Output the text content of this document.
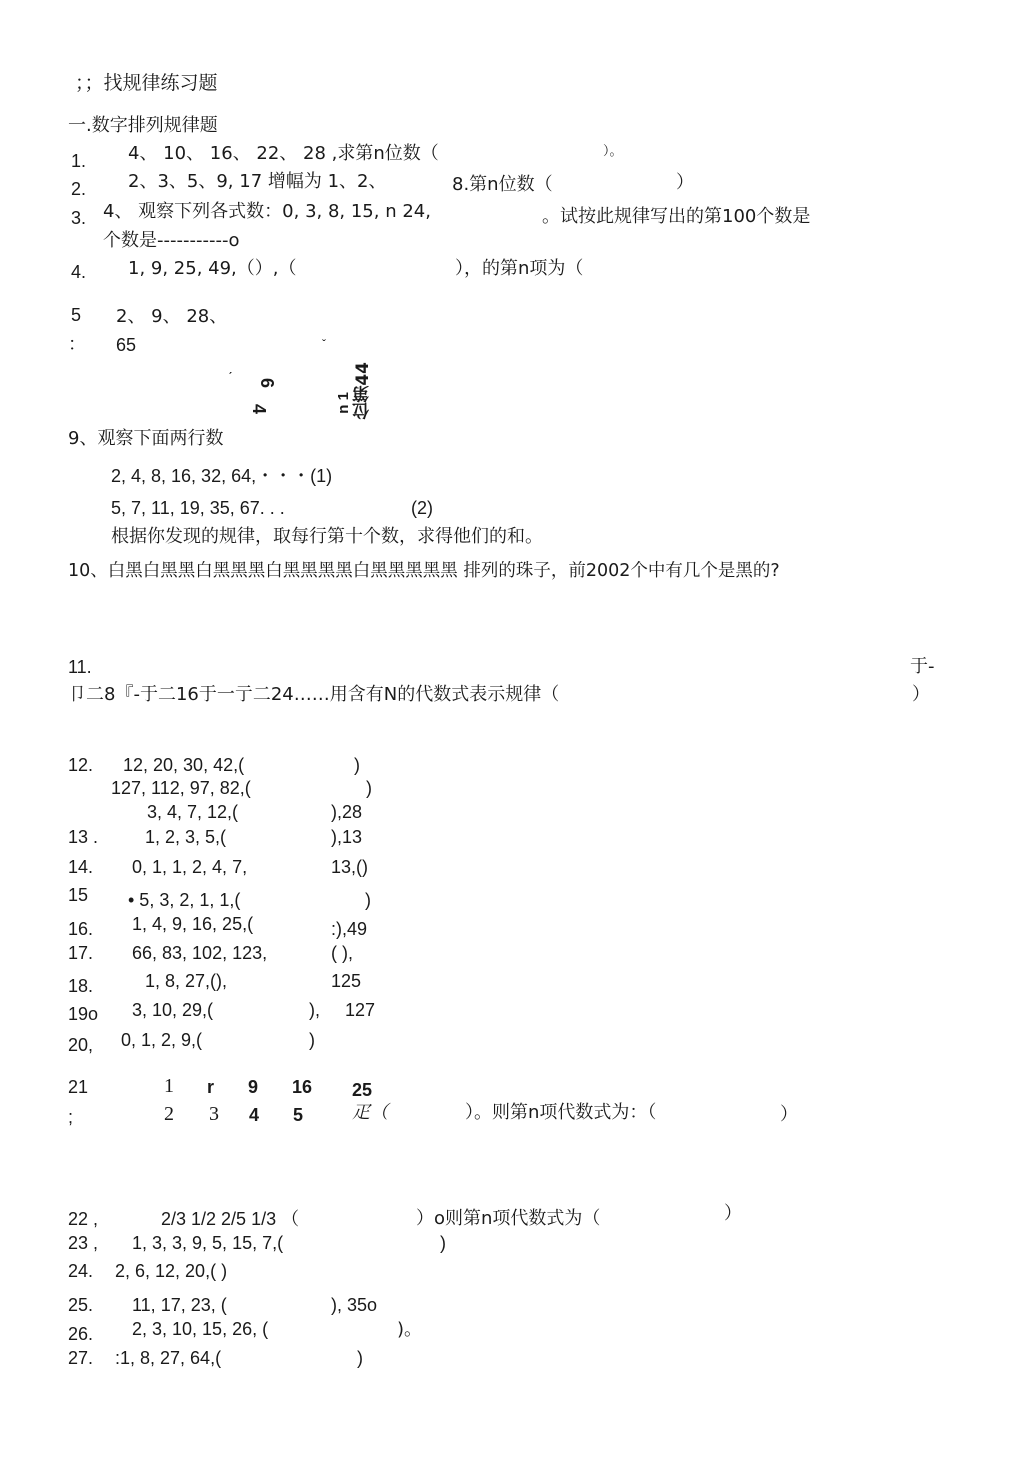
；；找规律练习题
一.数字排列规律题
1. 4、 10、 16、 22、 28 ,求第n位数（	）。
2. 2、3、5、9, 17 增幅为 1、2、	8.第n位数（	）
3. 4、 观察下列各式数：0, 3, 8, 15, n 24,	。试按此规律写出的第100个数是
个数是-----------o
4. 1, 9, 25, 49,（）,（	），的第n项为（
5 2、 9、 28、
： 65	ˇ
ˊ 6
4	位第44
n 1
9、观察下面两行数
2, 4, 8, 16, 32, 64,・・・(1)
5, 7, 11, 19, 35, 67. . .	(2)
根据你发现的规律，取每行第十个数，求得他们的和。
10、白黑白黑黑白黑黑黑白黑黑黑黑白黑黑黑黑黑 排列的珠子，前2002个中有几个是黑的?
11.	于-
卩二8『-于二16于一亍二24……用含有N的代数式表示规律（	）
12. 12, 20, 30, 42,(	)
127, 112, 97, 82,(	)
3, 4, 7, 12,(	),28
13 .	1, 2, 3, 5,(	),13
14. 0, 1, 1, 2, 4, 7,	13,()
15 • 5, 3, 2, 1, 1,(	)
16. 1, 4, 9, 16, 25,(	:),49
17. 66, 83, 102, 123,	( ),
18.	1, 8, 27,(),	125
19o 3, 10, 29,(	), 127
20, 0, 1, 2, 9,(	)
21
;
1 r 9 16 25
2 3 4 5	疋（	）。则第n项代数式为：（	）
22 ,	2/3 1/2 2/5 1/3 （	）o则第n项代数式为（	）
23 , 1, 3, 3, 9, 5, 15, 7,(	)
24. 2, 6, 12, 20,( )
25. 11, 17, 23, (	), 35o
26. 2, 3, 10, 15, 26, (	)。
27. :1, 8, 27, 64,(	)
